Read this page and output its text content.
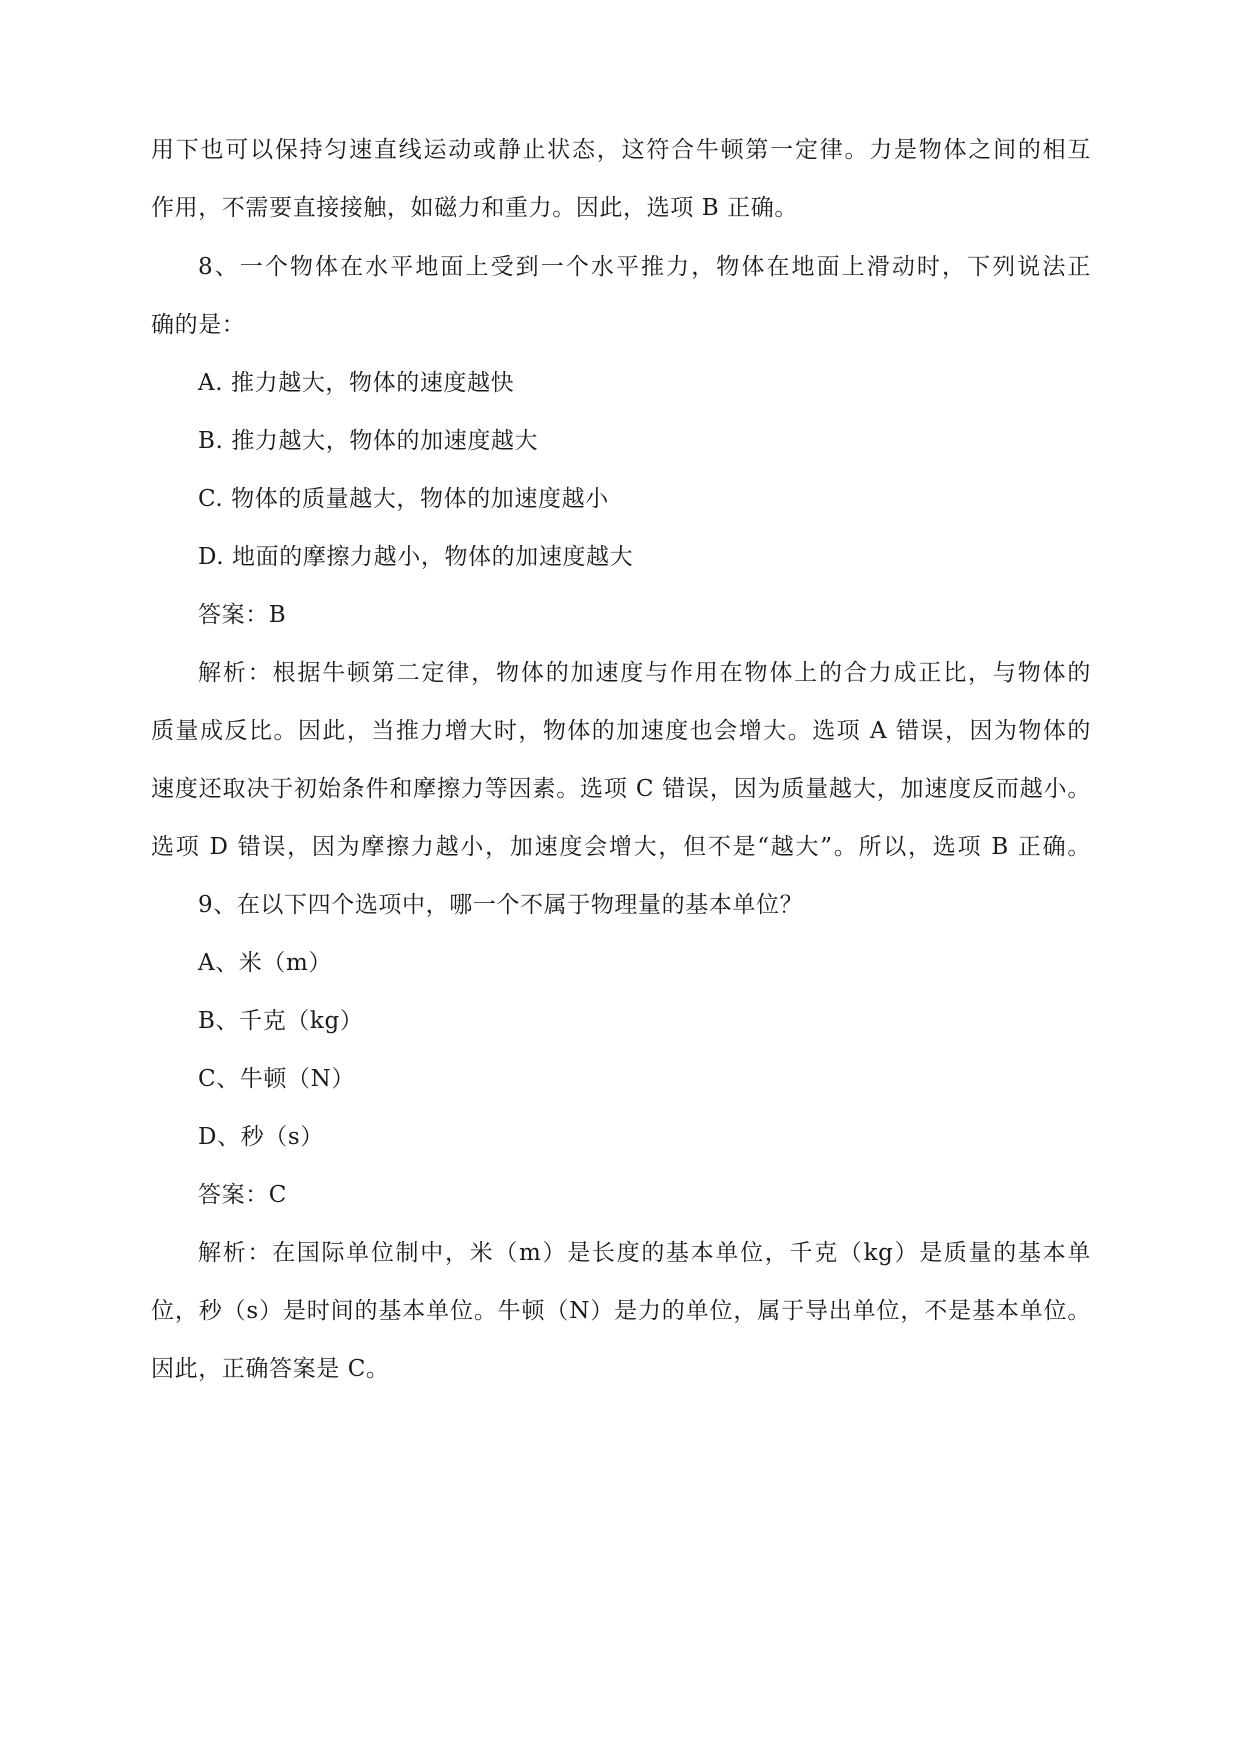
用下也可以保持匀速直线运动或静止状态，这符合牛顿第一定律。力是物体之间的相互
作用，不需要直接接触，如磁力和重力。因此，选项 B 正确。
8、一个物体在水平地面上受到一个水平推力，物体在地面上滑动时，下列说法正
确的是：
A. 推力越大，物体的速度越快
B. 推力越大，物体的加速度越大
C. 物体的质量越大，物体的加速度越小
D. 地面的摩擦力越小，物体的加速度越大
答案：B
解析：根据牛顿第二定律，物体的加速度与作用在物体上的合力成正比，与物体的
质量成反比。因此，当推力增大时，物体的加速度也会增大。选项 A 错误，因为物体的
速度还取决于初始条件和摩擦力等因素。选项 C 错误，因为质量越大，加速度反而越小。
选项 D 错误，因为摩擦力越小，加速度会增大，但不是“越大”。所以，选项 B 正确。
9、在以下四个选项中，哪一个不属于物理量的基本单位？
A、米（m）
B、千克（kg）
C、牛顿（N）
D、秒（s）
答案：C
解析：在国际单位制中，米（m）是长度的基本单位，千克（kg）是质量的基本单
位，秒（s）是时间的基本单位。牛顿（N）是力的单位，属于导出单位，不是基本单位。
因此，正确答案是 C。
